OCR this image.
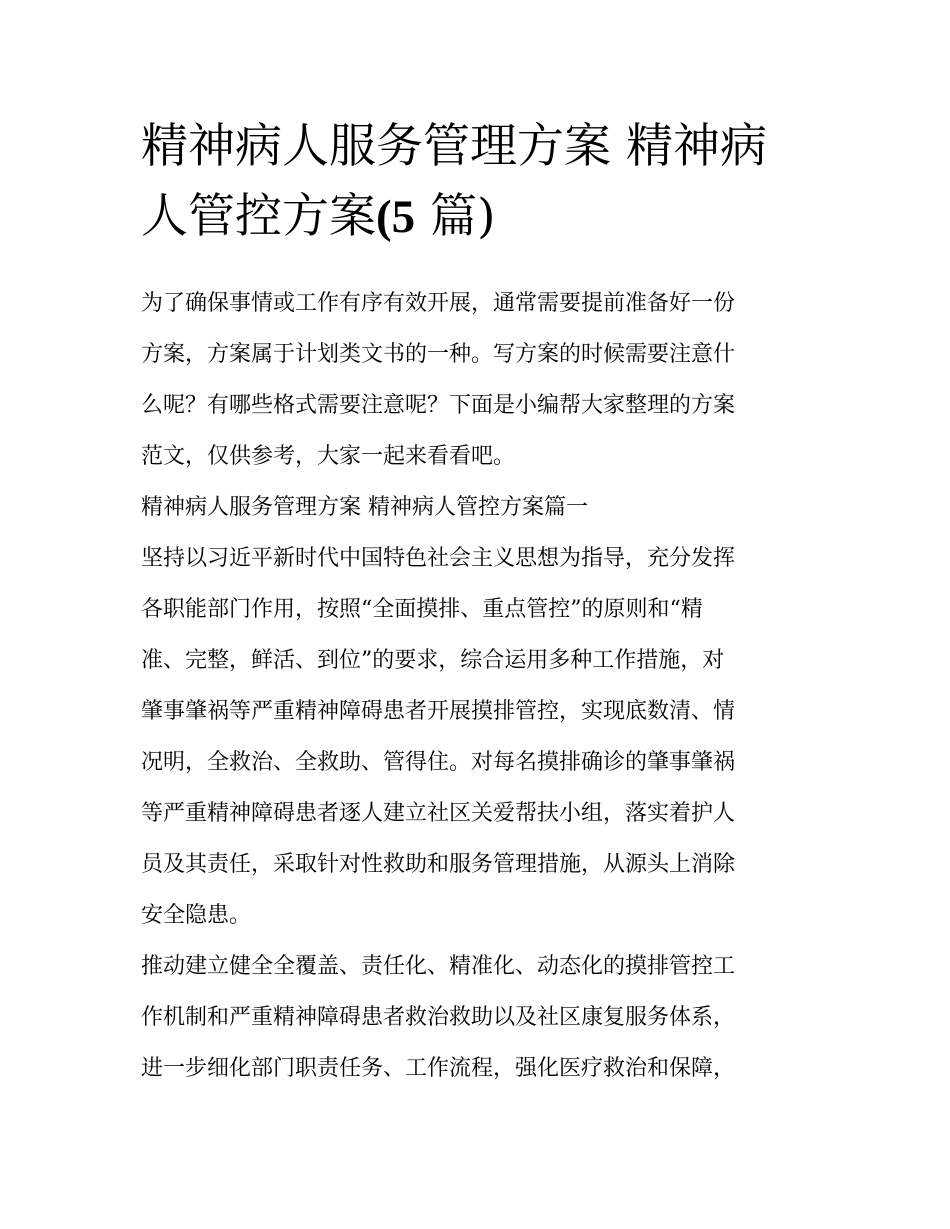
精神病人服务管理方案 精神病
人管控方案(5 篇)
为了确保事情或工作有序有效开展，通常需要提前准备好一份
方案，方案属于计划类文书的一种。写方案的时候需要注意什
么呢？有哪些格式需要注意呢？下面是小编帮大家整理的方案
范文，仅供参考，大家一起来看看吧。
精神病人服务管理方案 精神病人管控方案篇一
坚持以习近平新时代中国特色社会主义思想为指导，充分发挥
各职能部门作用，按照“全面摸排、重点管控”的原则和“精
准、完整，鲜活、到位”的要求，综合运用多种工作措施，对
肇事肇祸等严重精神障碍患者开展摸排管控，实现底数清、情
况明，全救治、全救助、管得住。对每名摸排确诊的肇事肇祸
等严重精神障碍患者逐人建立社区关爱帮扶小组，落实着护人
员及其责任，采取针对性救助和服务管理措施，从源头上消除
安全隐患。
推动建立健全全覆盖、责任化、精准化、动态化的摸排管控工
作机制和严重精神障碍患者救治救助以及社区康复服务体系，
进一步细化部门职责任务、工作流程，强化医疗救治和保障，
